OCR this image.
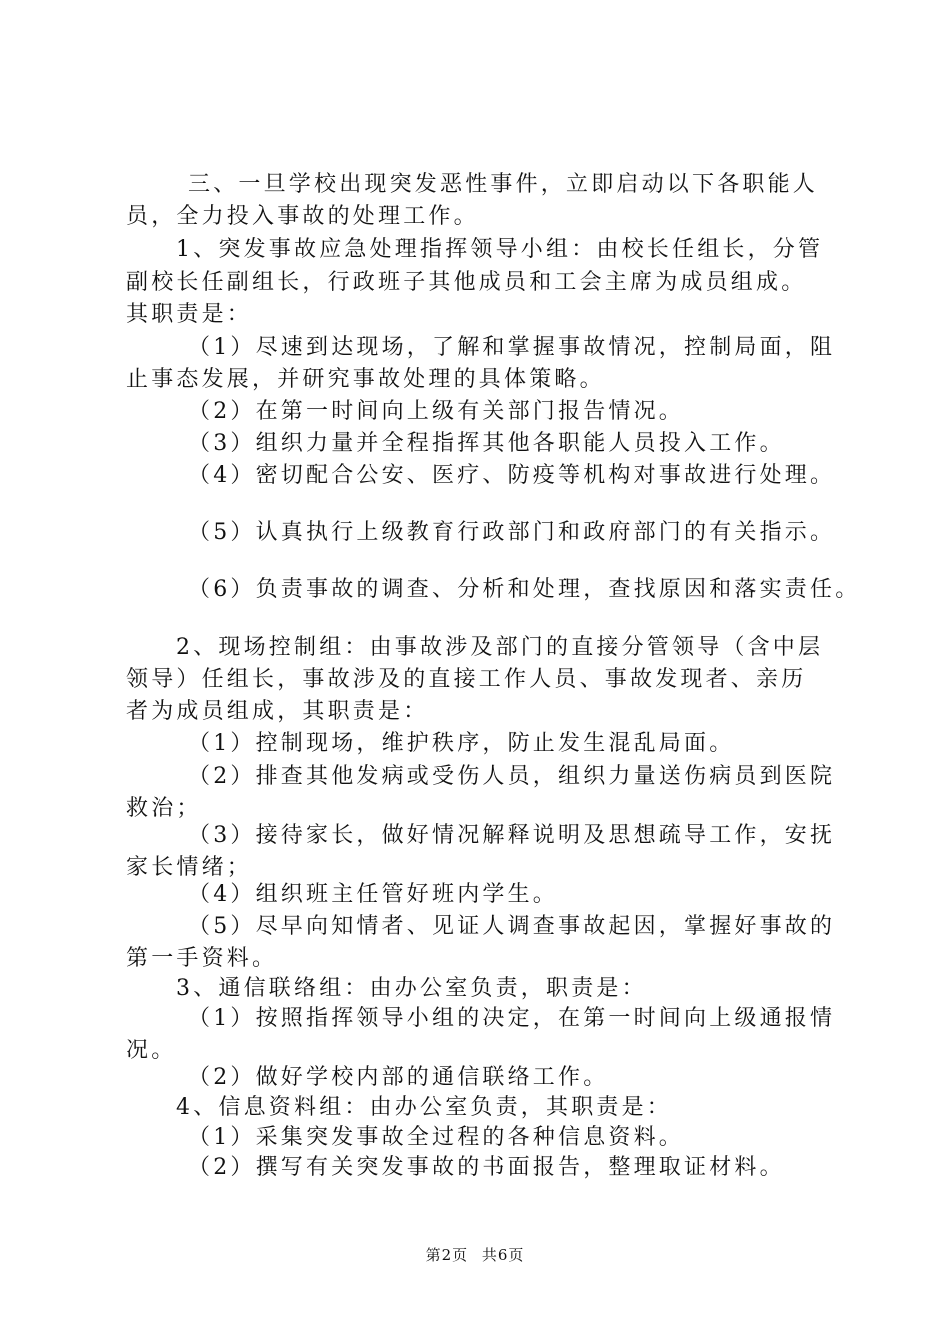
三、一旦学校出现突发恶性事件，立即启动以下各职能人
员，全力投入事故的处理工作。
1、突发事故应急处理指挥领导小组：由校长任组长，分管
副校长任副组长，行政班子其他成员和工会主席为成员组成。
其职责是：
（1）尽速到达现场，了解和掌握事故情况，控制局面，阻
止事态发展，并研究事故处理的具体策略。
（2）在第一时间向上级有关部门报告情况。
（3）组织力量并全程指挥其他各职能人员投入工作。
（4）密切配合公安、医疗、防疫等机构对事故进行处理。
（5）认真执行上级教育行政部门和政府部门的有关指示。
（6）负责事故的调查、分析和处理，查找原因和落实责任。
2、现场控制组：由事故涉及部门的直接分管领导（含中层
领导）任组长，事故涉及的直接工作人员、事故发现者、亲历
者为成员组成，其职责是：
（1）控制现场，维护秩序，防止发生混乱局面。
（2）排查其他发病或受伤人员，组织力量送伤病员到医院
救治；
（3）接待家长，做好情况解释说明及思想疏导工作，安抚
家长情绪；
（4）组织班主任管好班内学生。
（5）尽早向知情者、见证人调查事故起因，掌握好事故的
第一手资料。
3、通信联络组：由办公室负责，职责是：
（1）按照指挥领导小组的决定，在第一时间向上级通报情
况。
（2）做好学校内部的通信联络工作。
4、信息资料组：由办公室负责，其职责是：
（1）采集突发事故全过程的各种信息资料。
（2）撰写有关突发事故的书面报告，整理取证材料。
第2页 共6页
